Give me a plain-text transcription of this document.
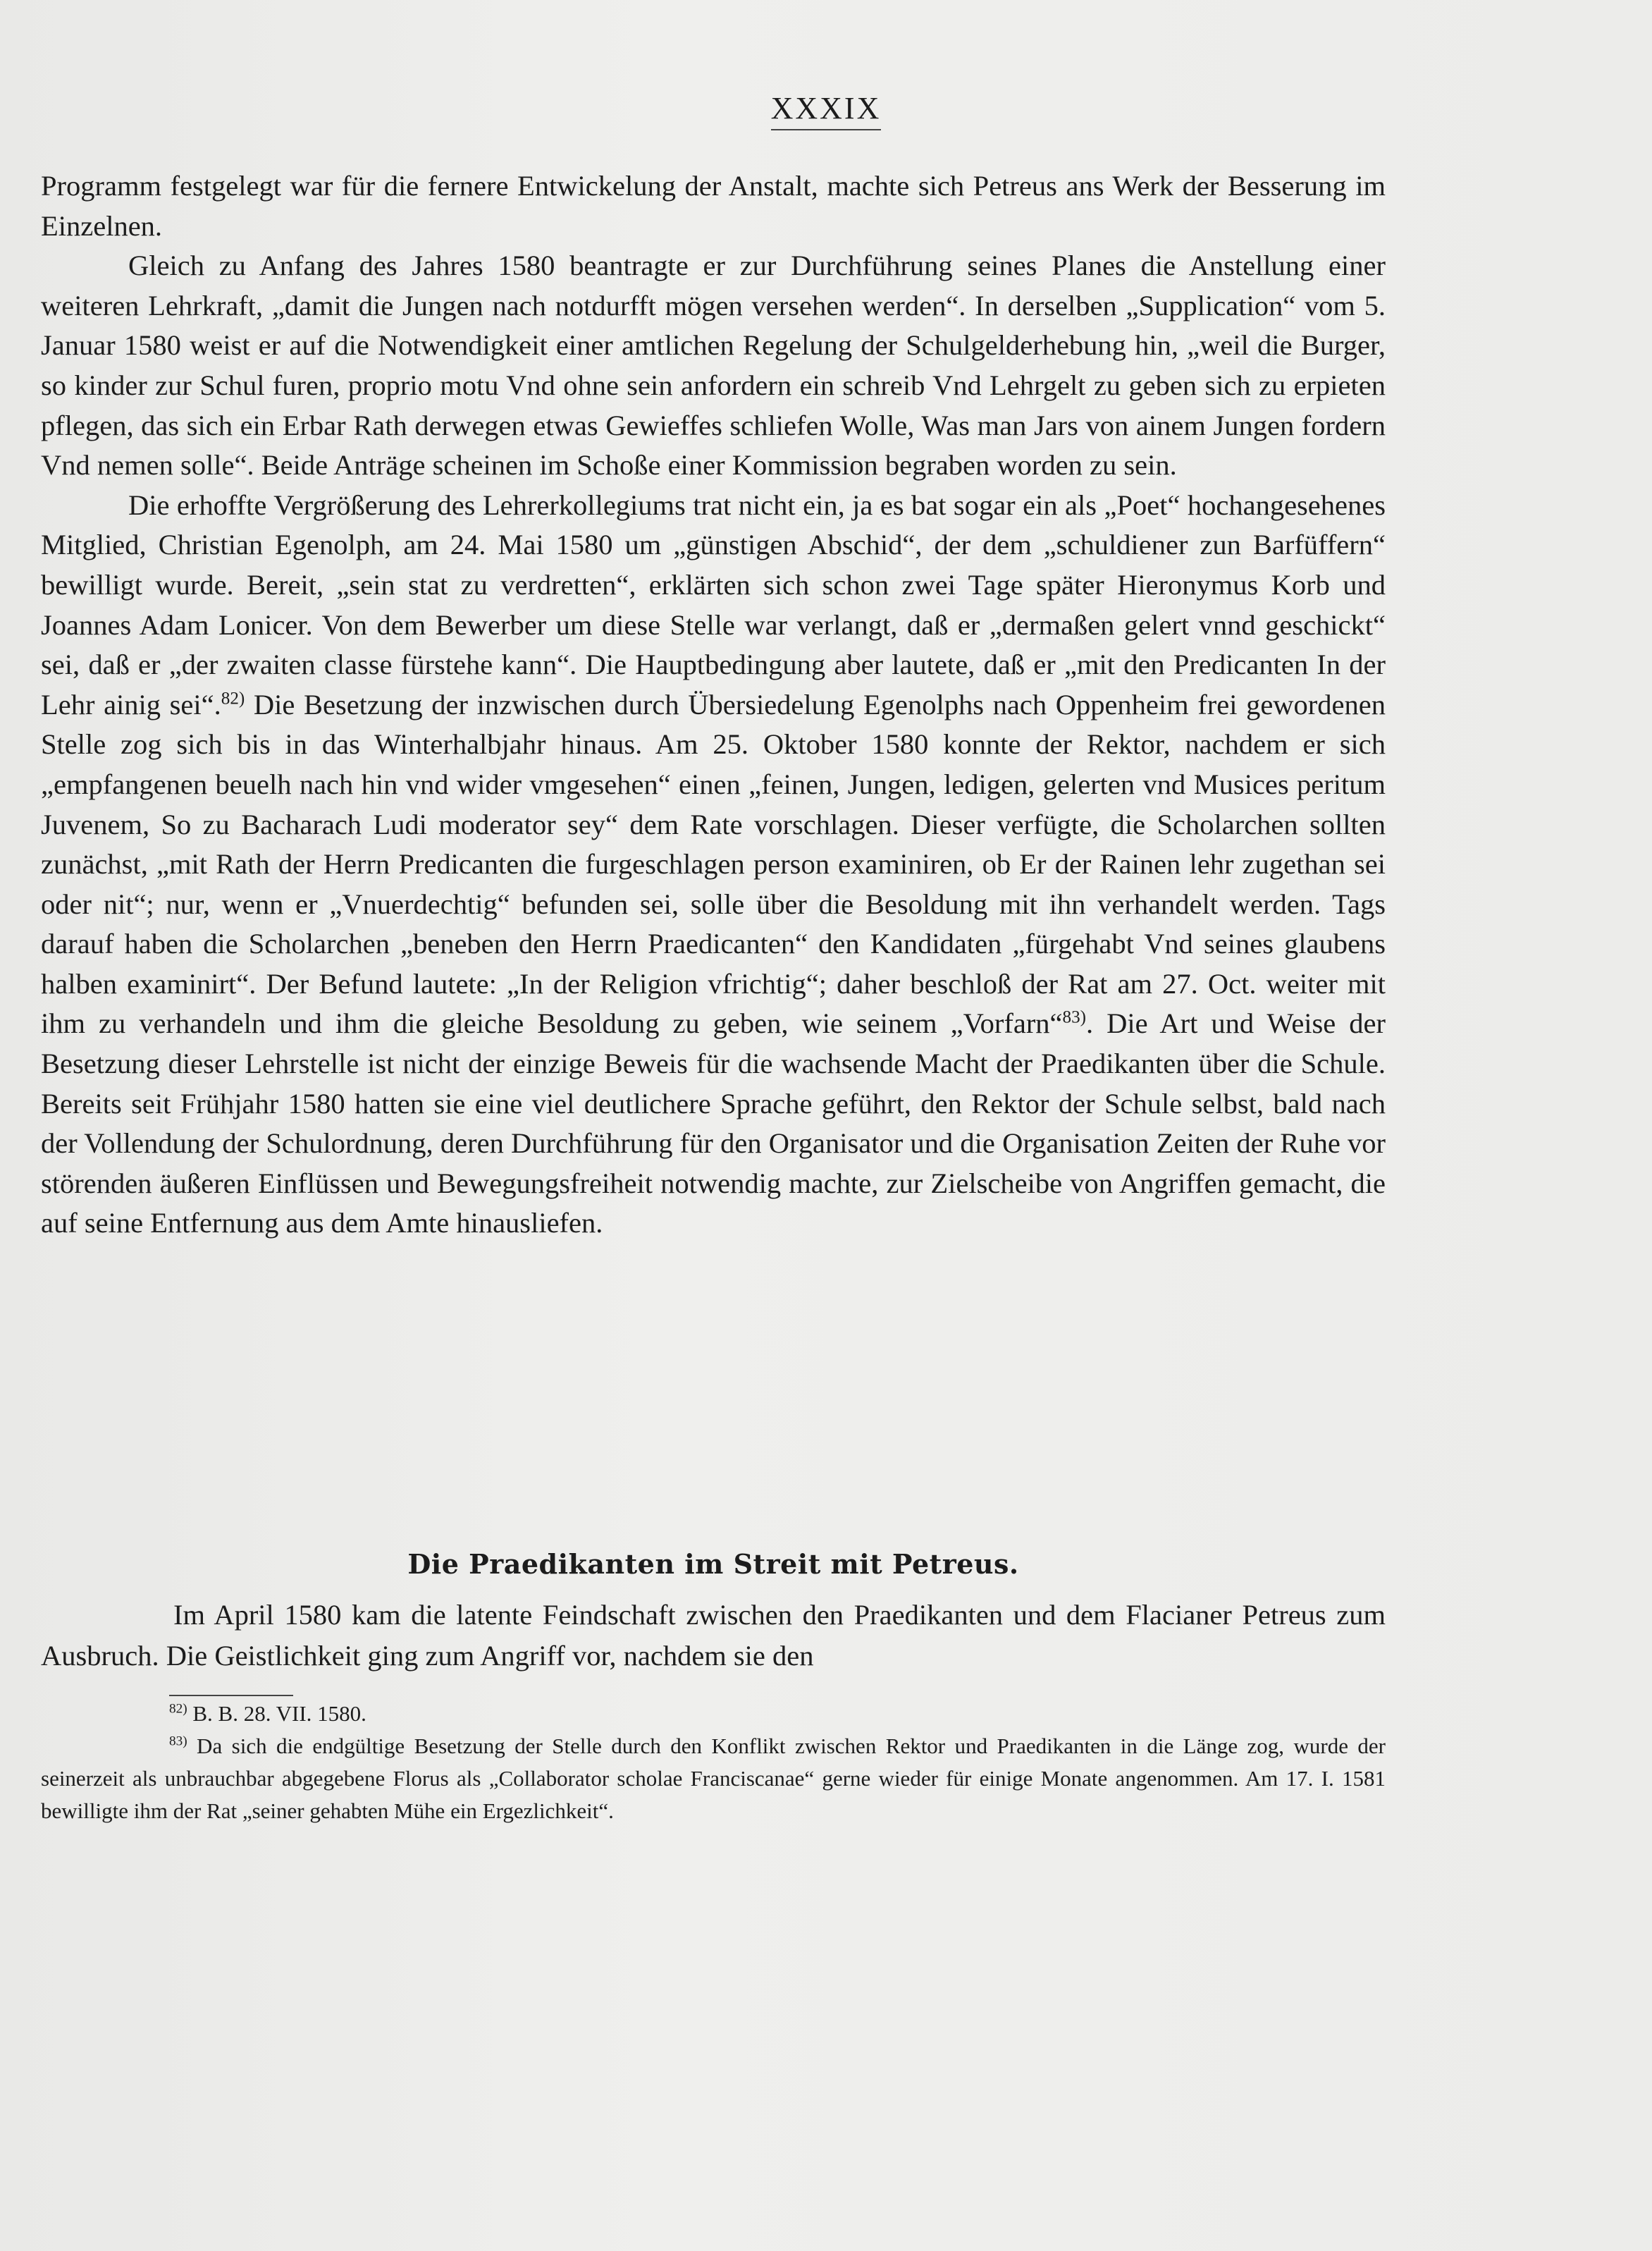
XXXIX

Programm festgelegt war für die fernere Entwickelung der Anstalt, machte sich Petreus ans Werk der Besserung im Einzelnen.

Gleich zu Anfang des Jahres 1580 beantragte er zur Durchführung seines Planes die Anstellung einer weiteren Lehrkraft, „damit die Jungen nach notdurfft mögen versehen werden“. In derselben „Supplication“ vom 5. Januar 1580 weist er auf die Notwendigkeit einer amtlichen Regelung der Schulgelderhebung hin, „weil die Burger, so kinder zur Schul furen, proprio motu Vnd ohne sein anfordern ein schreib Vnd Lehrgelt zu geben sich zu erpieten pflegen, das sich ein Erbar Rath derwegen etwas Gewieffes schliefen Wolle, Was man Jars von ainem Jungen fordern Vnd nemen solle“. Beide Anträge scheinen im Schoße einer Kommission begraben worden zu sein.

Die erhoffte Vergrößerung des Lehrerkollegiums trat nicht ein, ja es bat sogar ein als „Poet“ hochangesehenes Mitglied, Christian Egenolph, am 24. Mai 1580 um „günstigen Abschid“, der dem „schuldiener zun Barfüffern“ bewilligt wurde. Bereit, „sein stat zu verdretten“, erklärten sich schon zwei Tage später Hieronymus Korb und Joannes Adam Lonicer. Von dem Bewerber um diese Stelle war verlangt, daß er „dermaßen gelert vnnd geschickt“ sei, daß er „der zwaiten classe fürstehe kann“. Die Hauptbedingung aber lautete, daß er „mit den Predicanten In der Lehr ainig sei“.$^{82)}$ Die Besetzung der inzwischen durch Übersiedelung Egenolphs nach Oppenheim frei gewordenen Stelle zog sich bis in das Winterhalbjahr hinaus. Am 25. Oktober 1580 konnte der Rektor, nachdem er sich „empfangenen beuelh nach hin vnd wider vmgesehen“ einen „feinen, Jungen, ledigen, gelerten vnd Musices peritum Juvenem, So zu Bacharach Ludi moderator sey“ dem Rate vorschlagen. Dieser verfügte, die Scholarchen sollten zunächst, „mit Rath der Herrn Predicanten die furgeschlagen person examiniren, ob Er der Rainen lehr zugethan sei oder nit“; nur, wenn er „Vnuerdechtig“ befunden sei, solle über die Besoldung mit ihn verhandelt werden. Tags darauf haben die Scholarchen „beneben den Herrn Praedicanten“ den Kandidaten „fürgehabt Vnd seines glaubens halben examinirt“. Der Befund lautete: „In der Religion vfrichtig“; daher beschloß der Rat am 27. Oct. weiter mit ihm zu verhandeln und ihm die gleiche Besoldung zu geben, wie seinem „Vorfarn“$^{83)}$. Die Art und Weise der Besetzung dieser Lehrstelle ist nicht der einzige Beweis für die wachsende Macht der Praedikanten über die Schule. Bereits seit Frühjahr 1580 hatten sie eine viel deutlichere Sprache geführt, den Rektor der Schule selbst, bald nach der Vollendung der Schulordnung, deren Durchführung für den Organisator und die Organisation Zeiten der Ruhe vor störenden äußeren Einflüssen und Bewegungsfreiheit notwendig machte, zur Zielscheibe von Angriffen gemacht, die auf seine Entfernung aus dem Amte hinausliefen.

Die Praedikanten im Streit mit Petreus.

Im April 1580 kam die latente Feindschaft zwischen den Praedikanten und dem Flacianer Petreus zum Ausbruch. Die Geistlichkeit ging zum Angriff vor, nachdem sie den

$^{82)}$ B. B. 28. VII. 1580.

$^{83)}$ Da sich die endgültige Besetzung der Stelle durch den Konflikt zwischen Rektor und Praedikanten in die Länge zog, wurde der seinerzeit als unbrauchbar abgegebene Florus als „Collaborator scholae Franciscanae“ gerne wieder für einige Monate angenommen. Am 17. I. 1581 bewilligte ihm der Rat „seiner gehabten Mühe ein Ergezlichkeit“.
